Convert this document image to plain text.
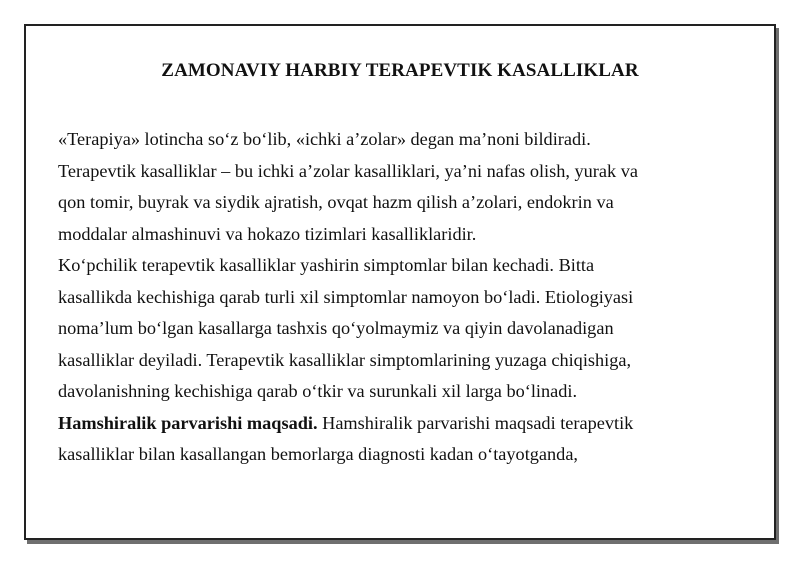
ZAMONAVIY HARBIY TERAPEVTIK KASALLIKLAR
«Terapiya» lotincha so‘z bo‘lib, «ichki a’zolar» degan ma’noni bildiradi.
Terapevtik kasalliklar – bu ichki a’zolar kasalliklari, ya’ni nafas olish, yurak va
qon tomir, buyrak va siydik ajratish, ovqat hazm qilish a’zolari, endokrin va
moddalar almashinuvi va hokazo tizimlari kasalliklaridir.
Ko‘pchilik terapevtik kasalliklar yashirin simptomlar bilan kechadi. Bitta
kasallikda kechishiga qarab turli xil simptomlar namoyon bo‘ladi. Etiologiyasi
noma’lum bo‘lgan kasallarga tashxis qo‘yolmaymiz va qiyin davolanadigan
kasalliklar deyiladi. Terapevtik kasalliklar simptomlarining yuzaga chiqishiga,
davolanishning kechishiga qarab o‘tkir va surunkali xil larga bo‘linadi.
Hamshiralik parvarishi maqsadi. Hamshiralik parvarishi maqsadi terapevtik
kasalliklar bilan kasallangan bemorlarga diagnosti kadan o‘tayotganda,
